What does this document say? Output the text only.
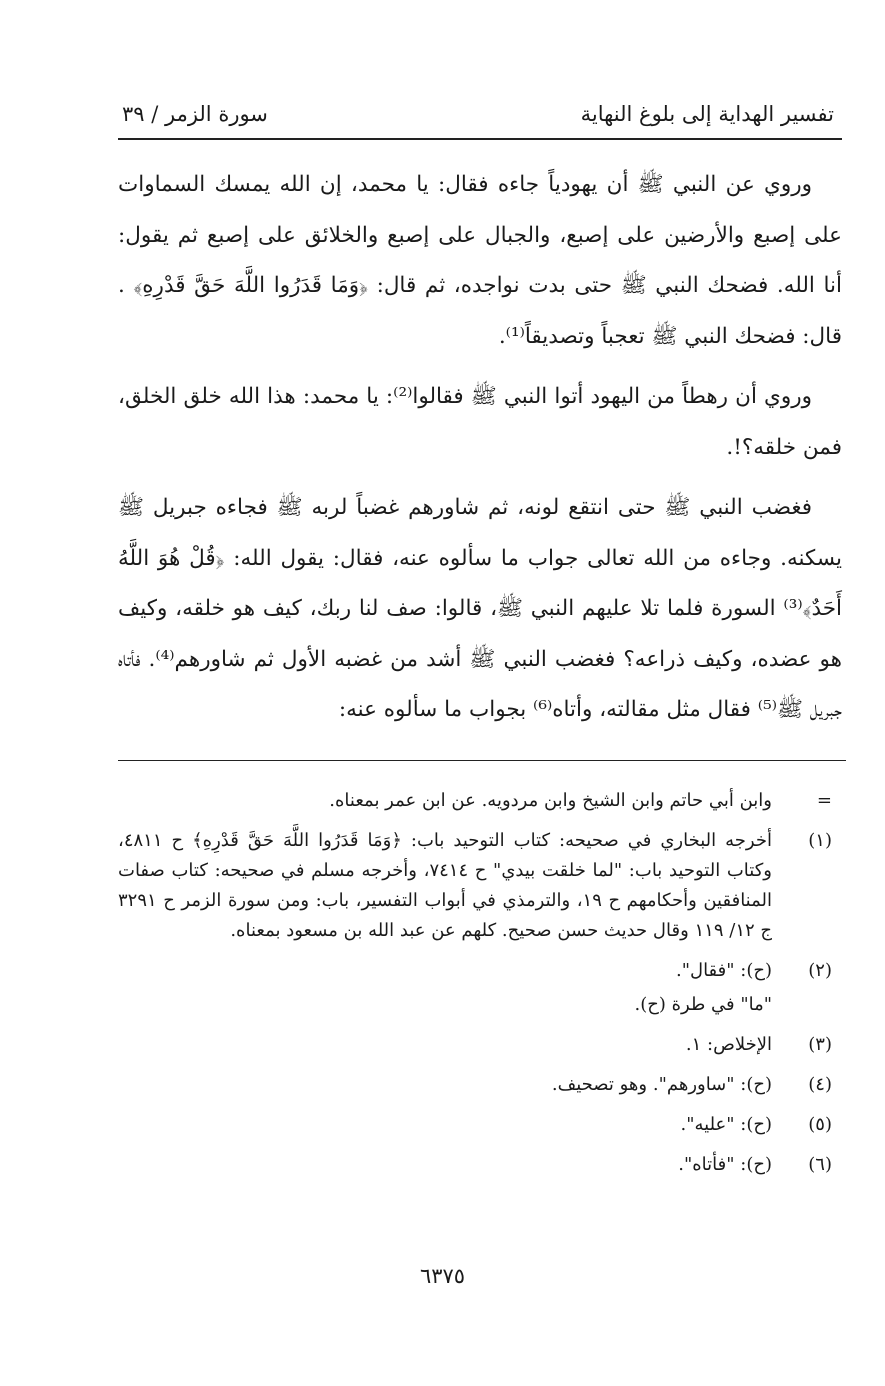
تفسير الهداية إلى بلوغ النهاية
سورة الزمر / ٣٩

وروي عن النبي ﷺ أن يهودياً جاءه فقال: يا محمد، إن الله يمسك السماوات على إصبع والأرضين على إصبع، والجبال على إصبع والخلائق على إصبع ثم يقول: أنا الله. فضحك النبي ﷺ حتى بدت نواجده، ثم قال: ﴿وَمَا قَدَرُوا اللَّهَ حَقَّ قَدْرِهِ﴾ . قال: فضحك النبي ﷺ تعجباً وتصديقاً⁽¹⁾.

وروي أن رهطاً من اليهود أتوا النبي ﷺ فقالوا⁽²⁾: يا محمد: هذا الله خلق الخلق، فمن خلقه؟!.

فغضب النبي ﷺ حتى انتقع لونه، ثم شاورهم غضباً لربه ﷺ فجاءه جبريل ﷺ يسكنه. وجاءه من الله تعالى جواب ما سألوه عنه، فقال: يقول الله: ﴿قُلْ هُوَ اللَّهُ أَحَدٌ﴾⁽³⁾ السورة فلما تلا عليهم النبي ﷺ، قالوا: صف لنا ربك، كيف هو خلقه، وكيف هو عضده، وكيف ذراعه؟ فغضب النبي ﷺ أشد من غضبه الأول ثم شاورهم⁽⁴⁾. فأتاه جبريل ﷺ⁽⁵⁾ فقال مثل مقالته، وأتاه⁽⁶⁾ بجواب ما سألوه عنه:

=
وابن أبي حاتم وابن الشيخ وابن مردويه. عن ابن عمر بمعناه.
(١)
أخرجه البخاري في صحيحه: كتاب التوحيد باب: ﴿وَمَا قَدَرُوا اللَّهَ حَقَّ قَدْرِهِ﴾ ح ٤٨١١، وكتاب التوحيد باب: "لما خلقت بيدي" ح ٧٤١٤، وأخرجه مسلم في صحيحه: كتاب صفات المنافقين وأحكامهم ح ١٩، والترمذي في أبواب التفسير، باب: ومن سورة الزمر ح ٣٢٩١ ج ١٢/ ١١٩ وقال حديث حسن صحيح. كلهم عن عبد الله بن مسعود بمعناه.
(٢)
(ح): "فقال".
"ما" في طرة (ح).
(٣)
الإخلاص: ١.
(٤)
(ح): "ساورهم". وهو تصحيف.
(٥)
(ح): "عليه".
(٦)
(ح): "فأتاه".
٦٣٧٥
